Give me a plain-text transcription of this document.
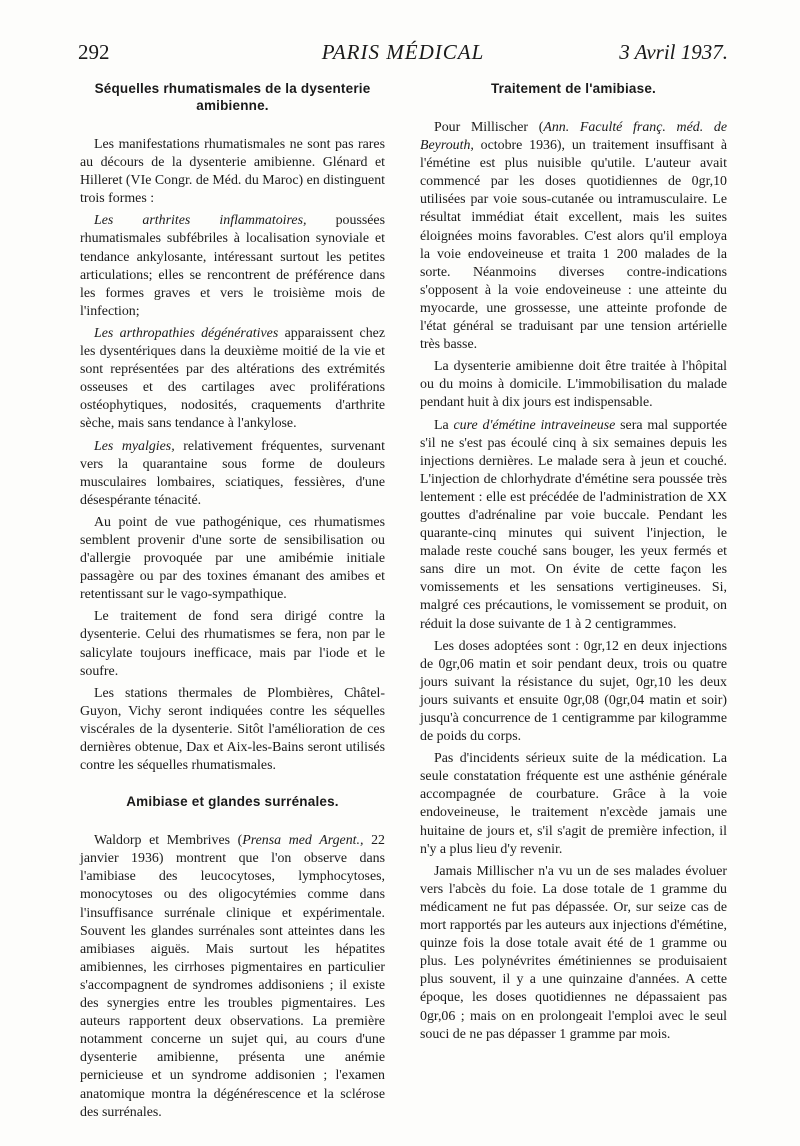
292	PARIS MÉDICAL	3 Avril 1937.
Séquelles rhumatismales de la dysenterie amibienne.

Les manifestations rhumatismales ne sont pas rares au décours de la dysenterie amibienne. Glénard et Hilleret (VIe Congr. de Méd. du Maroc) en distinguent trois formes :

Les arthrites inflammatoires, poussées rhumatismales subfébriles à localisation synoviale et tendance ankylosante, intéressant surtout les petites articulations; elles se rencontrent de préférence dans les formes graves et vers le troisième mois de l'infection;

Les arthropathies dégénératives apparaissent chez les dysentériques dans la deuxième moitié de la vie et sont représentées par des altérations des extrémités osseuses et des cartilages avec proliférations ostéophytiques, nodosités, craquements d'arthrite sèche, mais sans tendance à l'ankylose.

Les myalgies, relativement fréquentes, survenant vers la quarantaine sous forme de douleurs musculaires lombaires, sciatiques, fessières, d'une désespérante ténacité.

Au point de vue pathogénique, ces rhumatismes semblent provenir d'une sorte de sensibilisation ou d'allergie provoquée par une amibémie initiale passagère ou par des toxines émanant des amibes et retentissant sur le vago-sympathique.

Le traitement de fond sera dirigé contre la dysenterie. Celui des rhumatismes se fera, non par le salicylate toujours inefficace, mais par l'iode et le soufre.

Les stations thermales de Plombières, Châtel-Guyon, Vichy seront indiquées contre les séquelles viscérales de la dysenterie. Sitôt l'amélioration de ces dernières obtenue, Dax et Aix-les-Bains seront utilisés contre les séquelles rhumatismales.

Amibiase et glandes surrénales.

Waldorp et Membrives (Prensa med Argent., 22 janvier 1936) montrent que l'on observe dans l'amibiase des leucocytoses, lymphocytoses, monocytoses ou des oligocytémies comme dans l'insuffisance surrénale clinique et expérimentale. Souvent les glandes surrénales sont atteintes dans les amibiases aiguës. Mais surtout les hépatites amibiennes, les cirrhoses pigmentaires en particulier s'accompagnent de syndromes addisoniens ; il existe des synergies entre les troubles pigmentaires. Les auteurs rapportent deux observations. La première notamment concerne un sujet qui, au cours d'une dysenterie amibienne, présenta une anémie pernicieuse et un syndrome addisonien ; l'examen anatomique montra la dégénérescence et la sclérose des surrénales.

Traitement de l'amibiase.

Pour Millischer (Ann. Faculté franç. méd. de Beyrouth, octobre 1936), un traitement insuffisant à l'émétine est plus nuisible qu'utile. L'auteur avait commencé par les doses quotidiennes de 0gr,10 utilisées par voie sous-cutanée ou intramusculaire. Le résultat immédiat était excellent, mais les suites éloignées moins favorables. C'est alors qu'il employa la voie endoveineuse et traita 1 200 malades de la sorte. Néanmoins diverses contre-indications s'opposent à la voie endoveineuse : une atteinte du myocarde, une grossesse, une atteinte profonde de l'état général se traduisant par une tension artérielle très basse.

La dysenterie amibienne doit être traitée à l'hôpital ou du moins à domicile. L'immobilisation du malade pendant huit à dix jours est indispensable.

La cure d'émétine intraveineuse sera mal supportée s'il ne s'est pas écoulé cinq à six semaines depuis les injections dernières. Le malade sera à jeun et couché. L'injection de chlorhydrate d'émétine sera poussée très lentement : elle est précédée de l'administration de XX gouttes d'adrénaline par voie buccale. Pendant les quarante-cinq minutes qui suivent l'injection, le malade reste couché sans bouger, les yeux fermés et sans dire un mot. On évite de cette façon les vomissements et les sensations vertigineuses. Si, malgré ces précautions, le vomissement se produit, on réduit la dose suivante de 1 à 2 centigrammes.

Les doses adoptées sont : 0gr,12 en deux injections de 0gr,06 matin et soir pendant deux, trois ou quatre jours suivant la résistance du sujet, 0gr,10 les deux jours suivants et ensuite 0gr,08 (0gr,04 matin et soir) jusqu'à concurrence de 1 centigramme par kilogramme de poids du corps.

Pas d'incidents sérieux suite de la médication. La seule constatation fréquente est une asthénie générale accompagnée de courbature. Grâce à la voie endoveineuse, le traitement n'excède jamais une huitaine de jours et, s'il s'agit de première infection, il n'y a plus lieu d'y revenir.

Jamais Millischer n'a vu un de ses malades évoluer vers l'abcès du foie. La dose totale de 1 gramme du médicament ne fut pas dépassée. Or, sur seize cas de mort rapportés par les auteurs aux injections d'émétine, quinze fois la dose totale avait été de 1 gramme ou plus. Les polynévrites émétiniennes se produisaient plus souvent, il y a une quinzaine d'années. A cette époque, les doses quotidiennes ne dépassaient pas 0gr,06 ; mais on en prolongeait l'emploi avec le seul souci de ne pas dépasser 1 gramme par mois.
